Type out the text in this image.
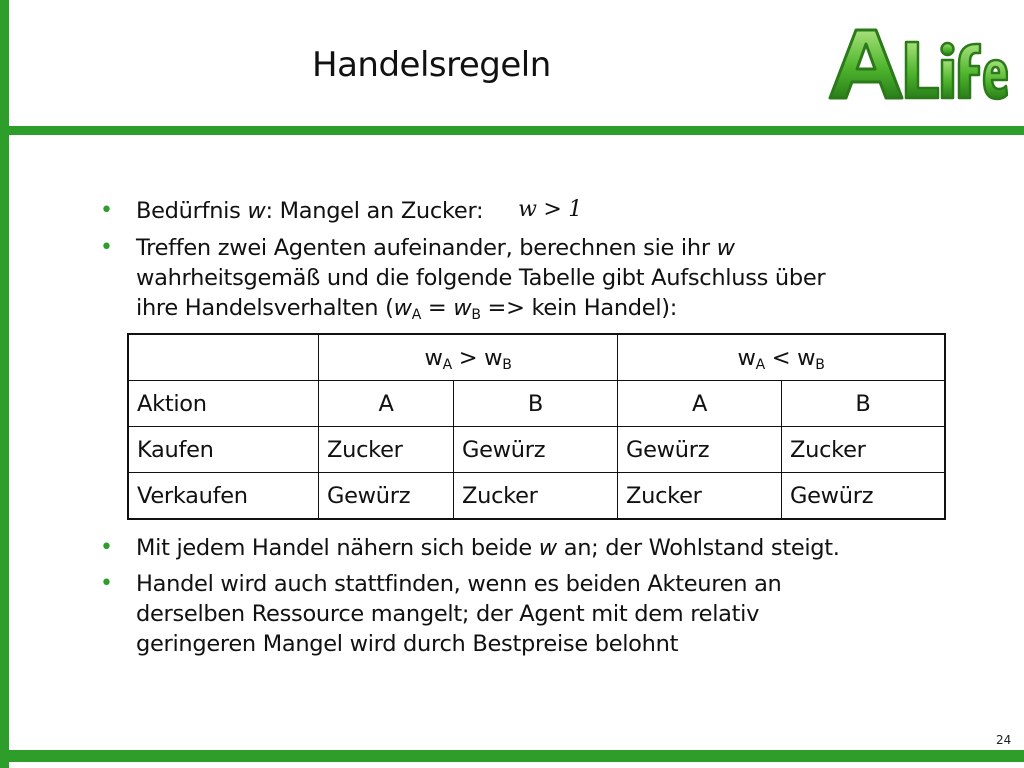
Handelsregeln
•	Bedürfnis w: Mangel an Zucker: w > 1
•	Treffen zwei Agenten aufeinander, berechnen sie ihr w
wahrheitsgemäß und die folgende Tabelle gibt Aufschluss über
ihre Handelsverhalten ($w_A = w_B$ => kein Handel):
	$w_A > w_B$		$w_A < w_B$
Aktion	A	B	A	B
Kaufen	Zucker	Gewürz	Gewürz	Zucker
Verkaufen	Gewürz	Zucker	Zucker	Gewürz
•	Mit jedem Handel nähern sich beide w an; der Wohlstand steigt.
•	Handel wird auch stattfinden, wenn es beiden Akteuren an
derselben Ressource mangelt; der Agent mit dem relativ
geringeren Mangel wird durch Bestpreise belohnt
24
